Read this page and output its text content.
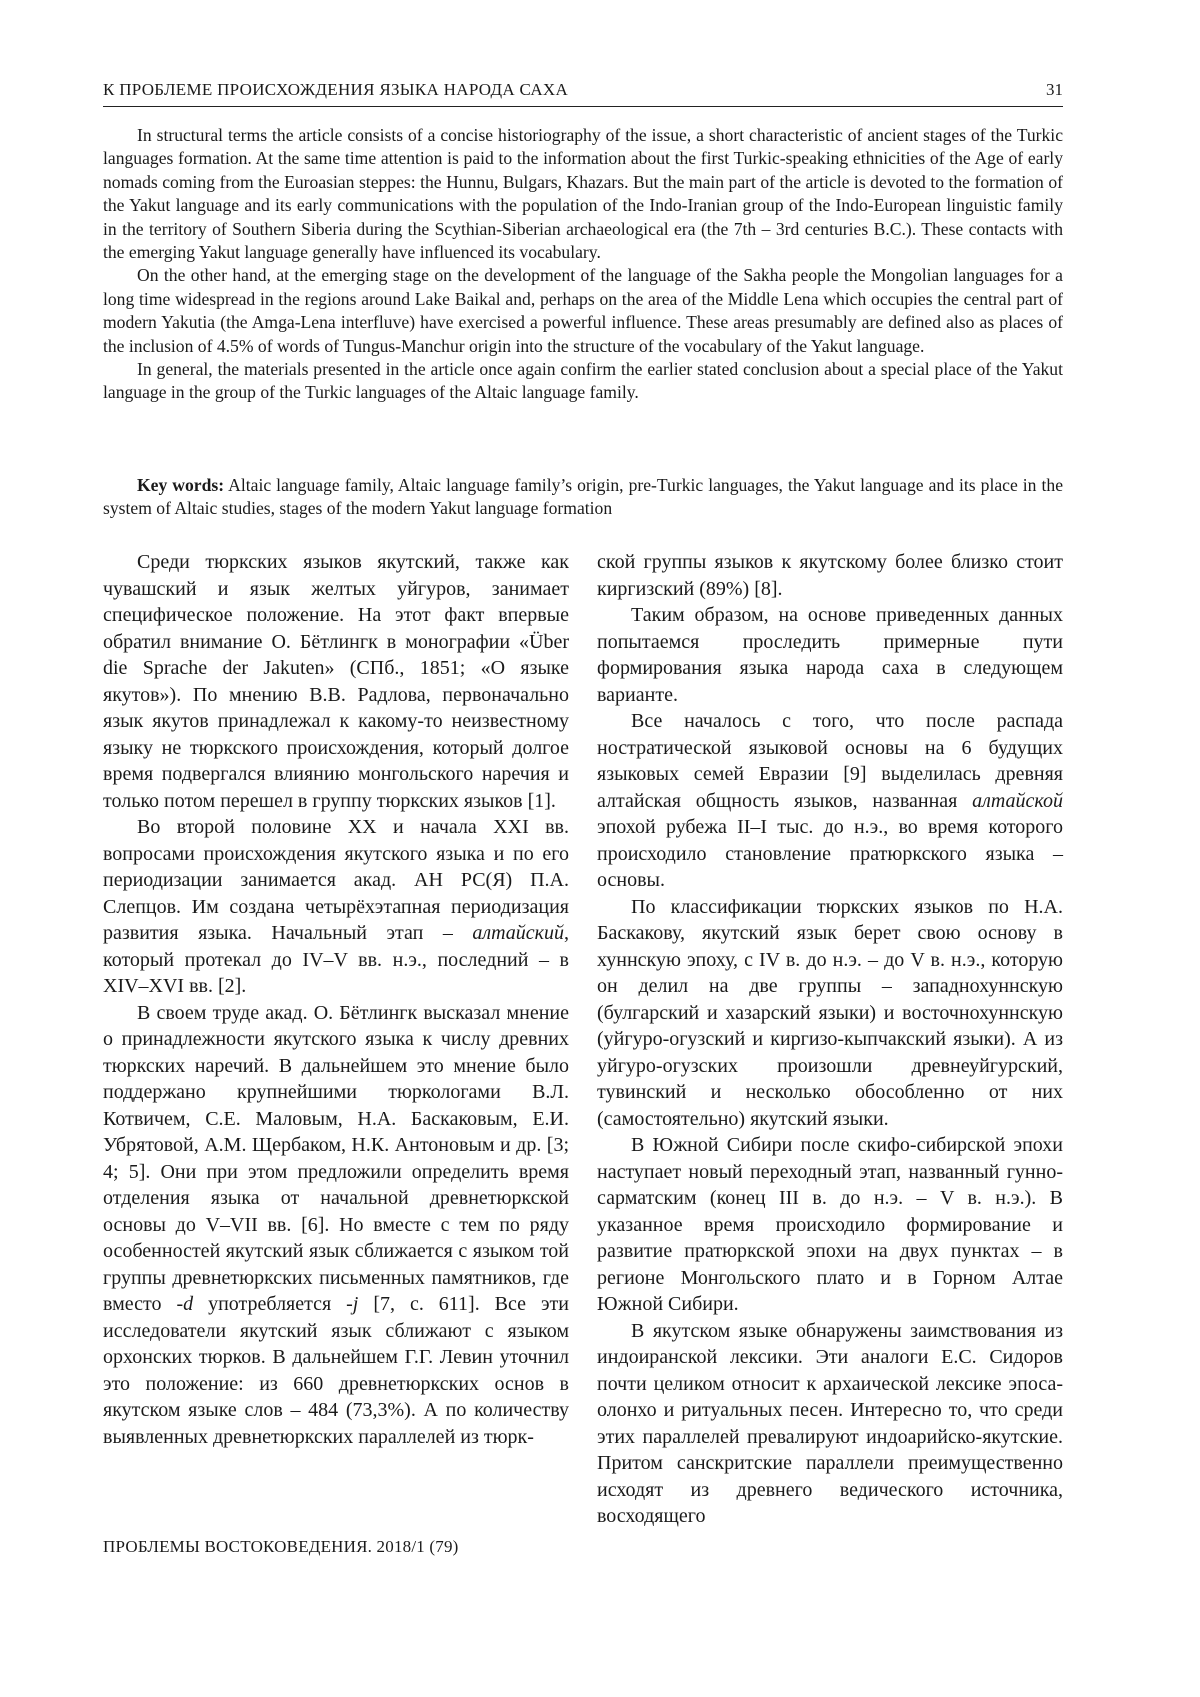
К ПРОБЛЕМЕ ПРОИСХОЖДЕНИЯ ЯЗЫКА НАРОДА САХА	31

In structural terms the article consists of a concise historiography of the issue, a short characteristic of ancient stages of the Turkic languages formation. At the same time attention is paid to the information about the first Turkic-speaking ethnicities of the Age of early nomads coming from the Euroasian steppes: the Hunnu, Bulgars, Khazars. But the main part of the article is devoted to the formation of the Yakut language and its early communications with the population of the Indo-Iranian group of the Indo-European linguistic family in the territory of Southern Siberia during the Scythian-Siberian archaeological era (the 7th – 3rd centuries B.C.). These contacts with the emerging Yakut language generally have influenced its vocabulary.

On the other hand, at the emerging stage on the development of the language of the Sakha people the Mongolian languages for a long time widespread in the regions around Lake Baikal and, perhaps on the area of the Middle Lena which occupies the central part of modern Yakutia (the Amga-Lena interfluve) have exercised a powerful influence. These areas presumably are defined also as places of the inclusion of 4.5% of words of Tungus-Manchur origin into the structure of the vocabulary of the Yakut language.

In general, the materials presented in the article once again confirm the earlier stated conclusion about a special place of the Yakut language in the group of the Turkic languages of the Altaic language family.

Key words: Altaic language family, Altaic language family’s origin, pre-Turkic languages, the Yakut language and its place in the system of Altaic studies, stages of the modern Yakut language formation

Среди тюркских языков якутский, также как чувашский и язык желтых уйгуров, занимает специфическое положение. На этот факт впервые обратил внимание О. Бётлингк в монографии «Über die Sprache der Jakuten» (СПб., 1851; «О языке якутов»). По мнению В.В. Радлова, первоначально язык якутов принадлежал к какому-то неизвестному языку не тюркского происхождения, который долгое время подвергался влиянию монгольского наречия и только потом перешел в группу тюркских языков [1].

Во второй половине XX и начала XXI вв. вопросами происхождения якутского языка и по его периодизации занимается акад. АН РС(Я) П.А. Слепцов. Им создана четырёхэтапная периодизация развития языка. Начальный этап – алтайский, который протекал до IV–V вв. н.э., последний – в XIV–XVI вв. [2].

В своем труде акад. О. Бётлингк высказал мнение о принадлежности якутского языка к числу древних тюркских наречий. В дальнейшем это мнение было поддержано крупнейшими тюркологами В.Л. Котвичем, С.Е. Маловым, Н.А. Баскаковым, Е.И. Убрятовой, А.М. Щербаком, Н.К. Антоновым и др. [3; 4; 5]. Они при этом предложили определить время отделения языка от начальной древнетюркской основы до V–VII вв. [6]. Но вместе с тем по ряду особенностей якутский язык сближается с языком той группы древнетюркских письменных памятников, где вместо -d употребляется -j [7, с. 611]. Все эти исследователи якутский язык сближают с языком орхонских тюрков. В дальнейшем Г.Г. Левин уточнил это положение: из 660 древнетюркских основ в якутском языке слов – 484 (73,3%). А по количеству выявленных древнетюркских параллелей из тюрк-

ской группы языков к якутскому более близко стоит киргизский (89%) [8].

Таким образом, на основе приведенных данных попытаемся проследить примерные пути формирования языка народа саха в следующем варианте.

Все началось с того, что после распада ностратической языковой основы на 6 будущих языковых семей Евразии [9] выделилась древняя алтайская общность языков, названная алтайской эпохой рубежа II–I тыс. до н.э., во время которого происходило становление пратюркского языка – основы.

По классификации тюркских языков по Н.А. Баскакову, якутский язык берет свою основу в хуннскую эпоху, с IV в. до н.э. – до V в. н.э., которую он делил на две группы – западнохуннскую (булгарский и хазарский языки) и восточнохуннскую (уйгуро-огузский и киргизо-кыпчакский языки). А из уйгуро-огузских произошли древнеуйгурский, тувинский и несколько обособленно от них (самостоятельно) якутский языки.

В Южной Сибири после скифо-сибирской эпохи наступает новый переходный этап, названный гунно-сарматским (конец III в. до н.э. – V в. н.э.). В указанное время происходило формирование и развитие пратюркской эпохи на двух пунктах – в регионе Монгольского плато и в Горном Алтае Южной Сибири.

В якутском языке обнаружены заимствования из индоиранской лексики. Эти аналоги Е.С. Сидоров почти целиком относит к архаической лексике эпоса-олонхо и ритуальных песен. Интересно то, что среди этих параллелей превалируют индоарийско-якутские. Притом санскритские параллели преимущественно исходят из древнего ведического источника, восходящего

ПРОБЛЕМЫ ВОСТОКОВЕДЕНИЯ. 2018/1 (79)
